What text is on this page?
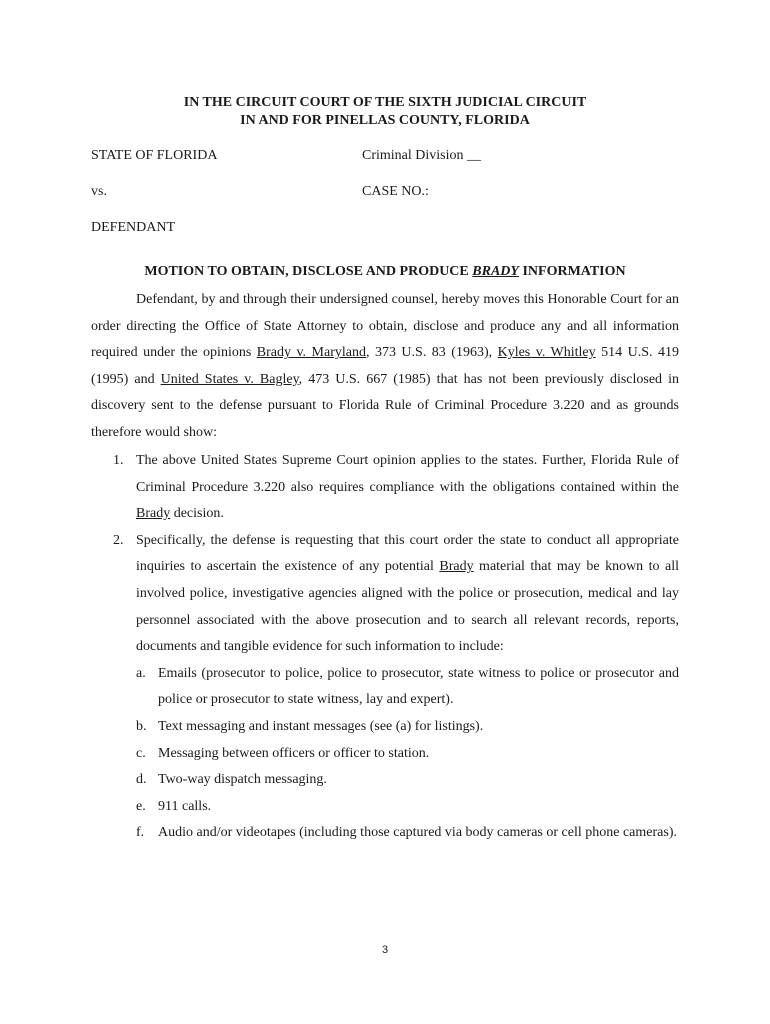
IN THE CIRCUIT COURT OF THE SIXTH JUDICIAL CIRCUIT
IN AND FOR PINELLAS COUNTY, FLORIDA
STATE OF FLORIDA	Criminal Division __
vs.	CASE NO.:
DEFENDANT
MOTION TO OBTAIN, DISCLOSE AND PRODUCE BRADY INFORMATION

Defendant, by and through their undersigned counsel, hereby moves this Honorable Court for an order directing the Office of State Attorney to obtain, disclose and produce any and all information required under the opinions Brady v. Maryland, 373 U.S. 83 (1963), Kyles v. Whitley 514 U.S. 419 (1995) and United States v. Bagley, 473 U.S. 667 (1985) that has not been previously disclosed in discovery sent to the defense pursuant to Florida Rule of Criminal Procedure 3.220 and as grounds therefore would show:

1. The above United States Supreme Court opinion applies to the states. Further, Florida Rule of Criminal Procedure 3.220 also requires compliance with the obligations contained within the Brady decision.
2. Specifically, the defense is requesting that this court order the state to conduct all appropriate inquiries to ascertain the existence of any potential Brady material that may be known to all involved police, investigative agencies aligned with the police or prosecution, medical and lay personnel associated with the above prosecution and to search all relevant records, reports, documents and tangible evidence for such information to include:
a. Emails (prosecutor to police, police to prosecutor, state witness to police or prosecutor and police or prosecutor to state witness, lay and expert).
b. Text messaging and instant messages (see (a) for listings).
c. Messaging between officers or officer to station.
d. Two-way dispatch messaging.
e. 911 calls.
f. Audio and/or videotapes (including those captured via body cameras or cell phone cameras).
3
